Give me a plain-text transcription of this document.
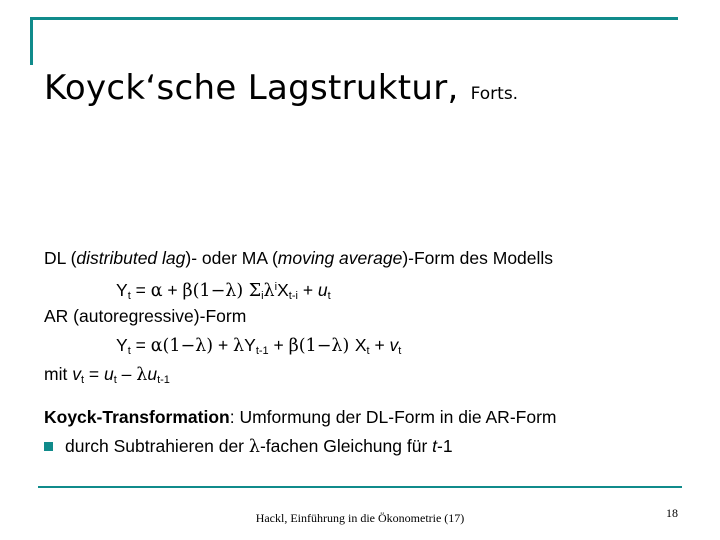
Koyck‘sche Lagstruktur, Forts.
DL (distributed lag)- oder MA (moving average)-Form des Modells
Yt = α + β(1−λ) Σiλ$^i$Xt-i + ut
AR (autoregressive)-Form
Yt = α(1−λ) + λYt-1 + β(1−λ) Xt + vt
mit vt = ut – λut-1
Koyck-Transformation: Umformung der DL-Form in die AR-Form
durch Subtrahieren der λ-fachen Gleichung für t-1
Hackl, Einführung in die Ökonometrie (17)	18
